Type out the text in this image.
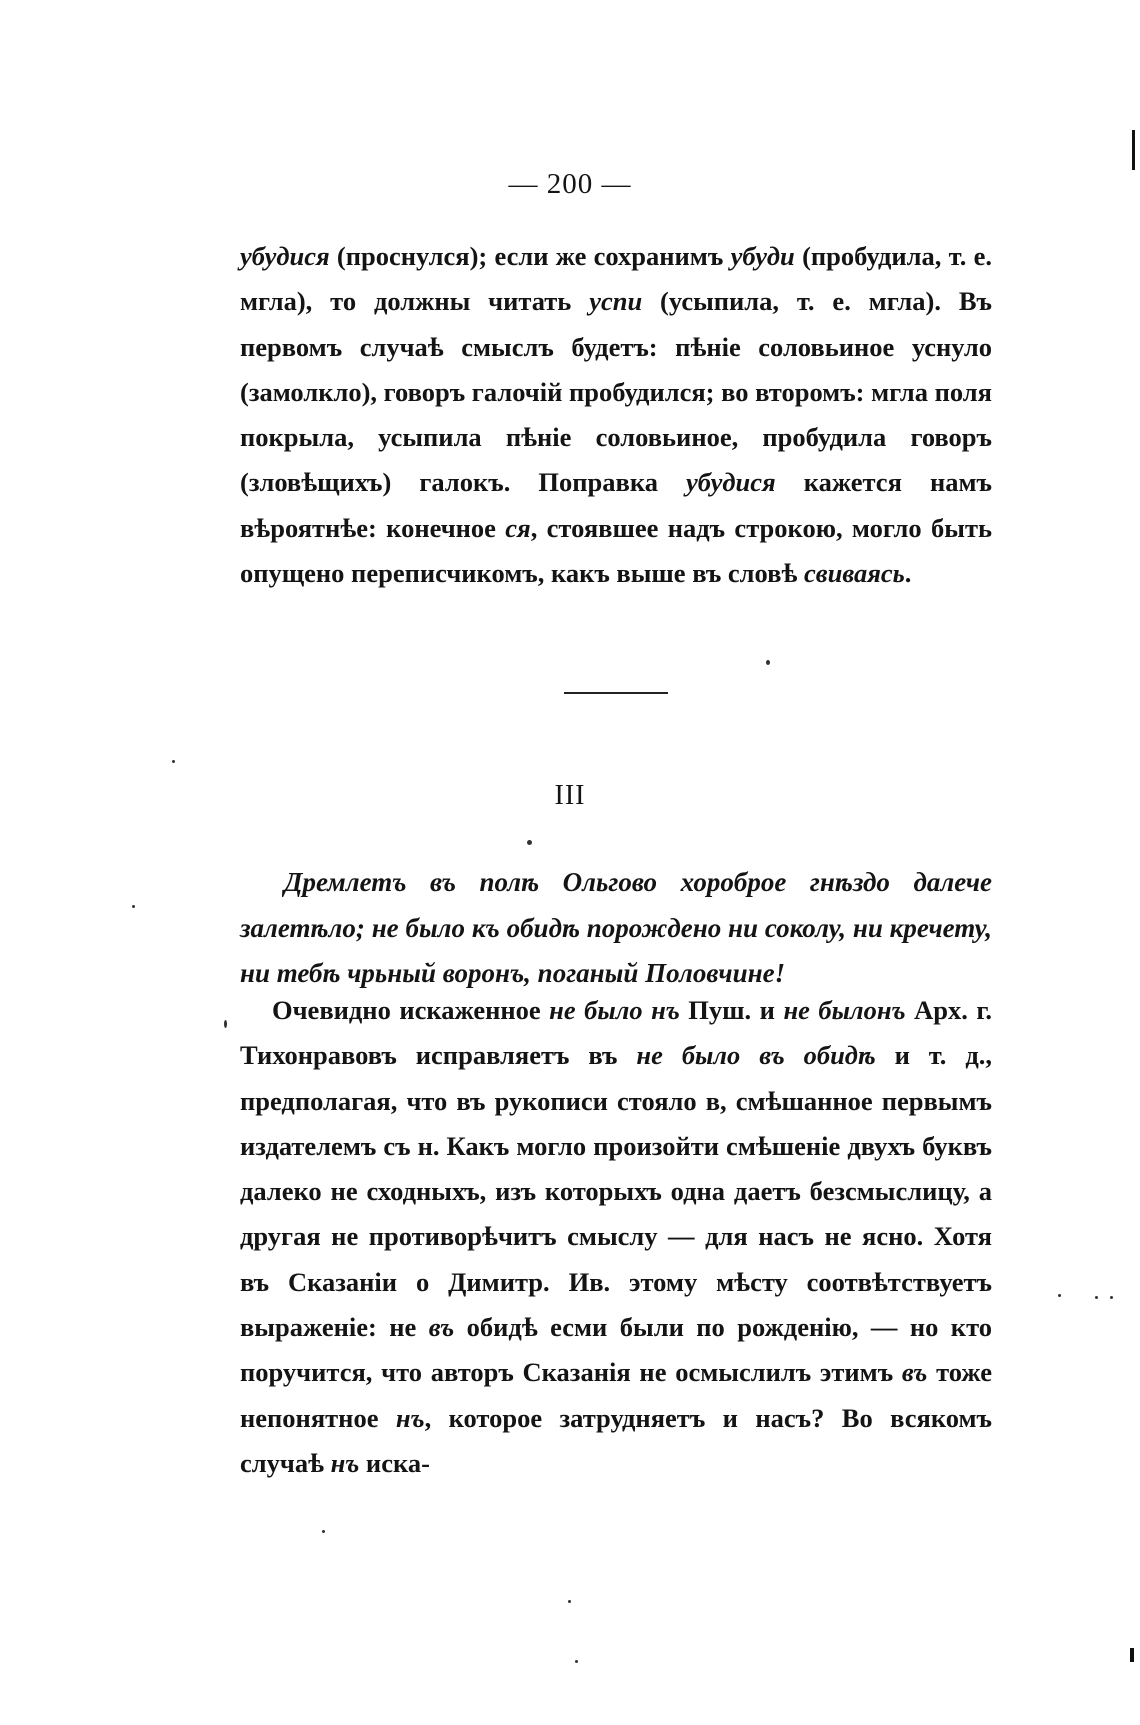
— 200 —

убудися (проснулся); если же сохранимъ убуди (пробудила, т. е. мгла), то должны читать успи (усыпила, т. е. мгла). Въ первомъ случаѣ смыслъ будетъ: пѣніе соловьиное уснуло (замолкло), говоръ галочій пробудился; во второмъ: мгла поля покрыла, усыпила пѣніе соловьиное, пробудила говоръ (зловѣщихъ) галокъ. Поправка убудися кажется намъ вѣроятнѣе: конечное ся, стоявшее надъ строкою, могло быть опущено переписчикомъ, какъ выше въ словѣ свиваясь.

III

Дремлетъ въ полѣ Ольгово хороброе гнѣздо далече залетѣло; не было къ обидѣ порождено ни соколу, ни кречету, ни тебѣ чрьный воронъ, поганый Половчине!

Очевидно искаженное не было нъ Пуш. и не былонъ Арх. г. Тихонравовъ исправляетъ въ не было въ обидѣ и т. д., предполагая, что въ рукописи стояло в, смѣшанное первымъ издателемъ съ н. Какъ могло произойти смѣшеніе двухъ буквъ далеко не сходныхъ, изъ которыхъ одна даетъ безсмыслицу, а другая не противорѣчитъ смыслу — для насъ не ясно. Хотя въ Сказаніи о Димитр. Ив. этому мѣсту соотвѣтствуетъ выраженіе: не въ обидѣ есми были по рожденію, — но кто поручится, что авторъ Сказанія не осмыслилъ этимъ въ тоже непонятное нъ, которое затрудняетъ и насъ? Во всякомъ случаѣ нъ иска-
